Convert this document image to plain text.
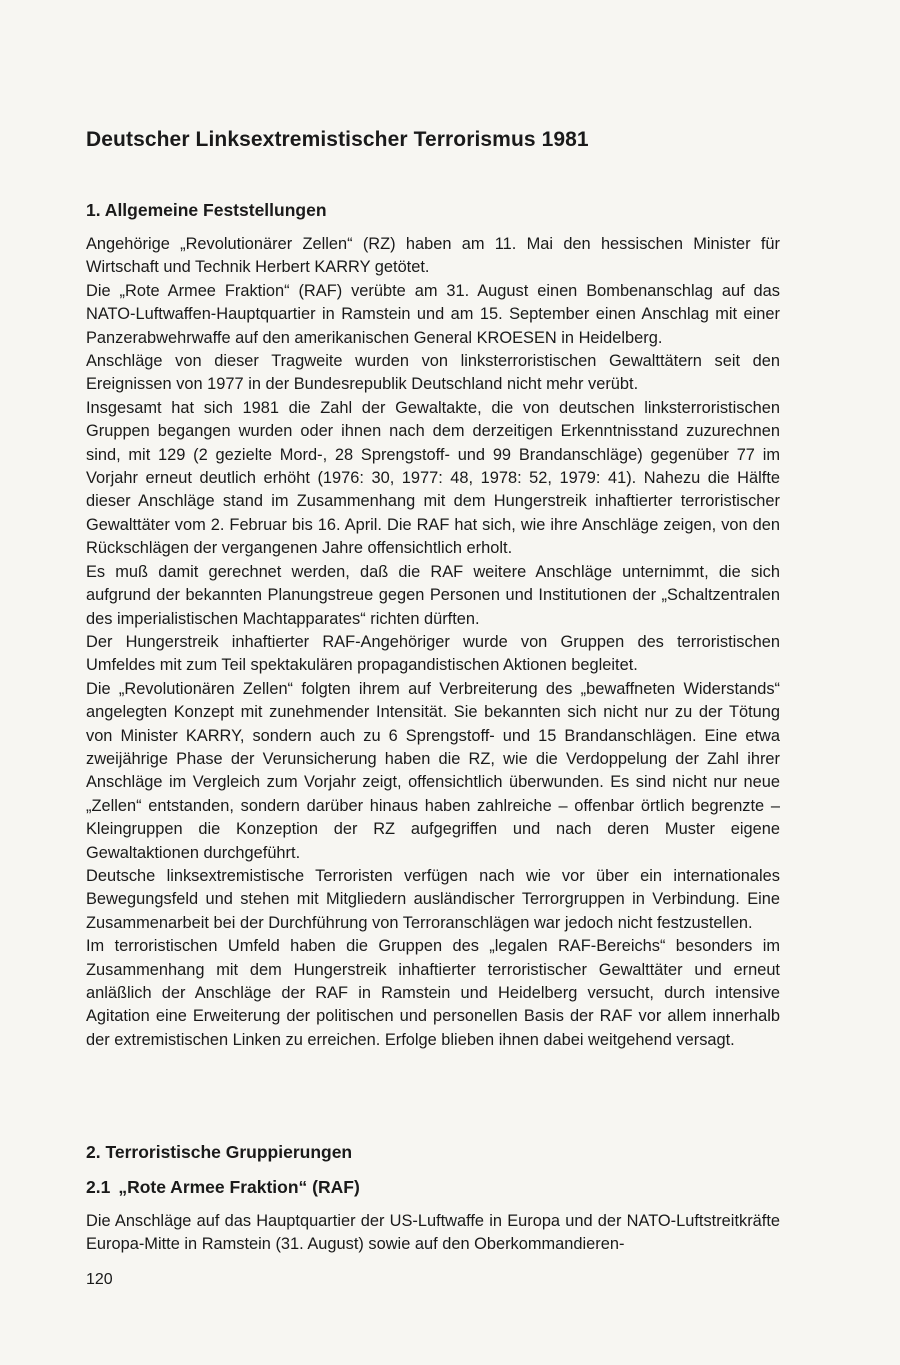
Deutscher Linksextremistischer Terrorismus 1981
1. Allgemeine Feststellungen

Angehörige „Revolutionärer Zellen“ (RZ) haben am 11. Mai den hessischen Minister für Wirtschaft und Technik Herbert KARRY getötet.

Die „Rote Armee Fraktion“ (RAF) verübte am 31. August einen Bombenanschlag auf das NATO-Luftwaffen-Hauptquartier in Ramstein und am 15. September einen Anschlag mit einer Panzerabwehrwaffe auf den amerikanischen General KROESEN in Heidelberg.

Anschläge von dieser Tragweite wurden von linksterroristischen Gewalttätern seit den Ereignissen von 1977 in der Bundesrepublik Deutschland nicht mehr verübt.

Insgesamt hat sich 1981 die Zahl der Gewaltakte, die von deutschen linksterroristischen Gruppen begangen wurden oder ihnen nach dem derzeitigen Erkenntnisstand zuzurechnen sind, mit 129 (2 gezielte Mord-, 28 Sprengstoff- und 99 Brandanschläge) gegenüber 77 im Vorjahr erneut deutlich erhöht (1976: 30, 1977: 48, 1978: 52, 1979: 41). Nahezu die Hälfte dieser Anschläge stand im Zusammenhang mit dem Hungerstreik inhaftierter terroristischer Gewalttäter vom 2. Februar bis 16. April. Die RAF hat sich, wie ihre Anschläge zeigen, von den Rückschlägen der vergangenen Jahre offensichtlich erholt.

Es muß damit gerechnet werden, daß die RAF weitere Anschläge unternimmt, die sich aufgrund der bekannten Planungstreue gegen Personen und Institutionen der „Schaltzentralen des imperialistischen Machtapparates“ richten dürften.

Der Hungerstreik inhaftierter RAF-Angehöriger wurde von Gruppen des terroristischen Umfeldes mit zum Teil spektakulären propagandistischen Aktionen begleitet.

Die „Revolutionären Zellen“ folgten ihrem auf Verbreiterung des „bewaffneten Widerstands“ angelegten Konzept mit zunehmender Intensität. Sie bekannten sich nicht nur zu der Tötung von Minister KARRY, sondern auch zu 6 Sprengstoff- und 15 Brandanschlägen. Eine etwa zweijährige Phase der Verunsicherung haben die RZ, wie die Verdoppelung der Zahl ihrer Anschläge im Vergleich zum Vorjahr zeigt, offensichtlich überwunden. Es sind nicht nur neue „Zellen“ entstanden, sondern darüber hinaus haben zahlreiche – offenbar örtlich begrenzte – Kleingruppen die Konzeption der RZ aufgegriffen und nach deren Muster eigene Gewaltaktionen durchgeführt.

Deutsche linksextremistische Terroristen verfügen nach wie vor über ein internationales Bewegungsfeld und stehen mit Mitgliedern ausländischer Terrorgruppen in Verbindung. Eine Zusammenarbeit bei der Durchführung von Terroranschlägen war jedoch nicht festzustellen.

Im terroristischen Umfeld haben die Gruppen des „legalen RAF-Bereichs“ besonders im Zusammenhang mit dem Hungerstreik inhaftierter terroristischer Gewalttäter und erneut anläßlich der Anschläge der RAF in Ramstein und Heidelberg versucht, durch intensive Agitation eine Erweiterung der politischen und personellen Basis der RAF vor allem innerhalb der extremistischen Linken zu erreichen. Erfolge blieben ihnen dabei weitgehend versagt.

2. Terroristische Gruppierungen
2.1 „Rote Armee Fraktion“ (RAF)

Die Anschläge auf das Hauptquartier der US-Luftwaffe in Europa und der NATO-Luftstreitkräfte Europa-Mitte in Ramstein (31. August) sowie auf den Oberkommandieren-

120
